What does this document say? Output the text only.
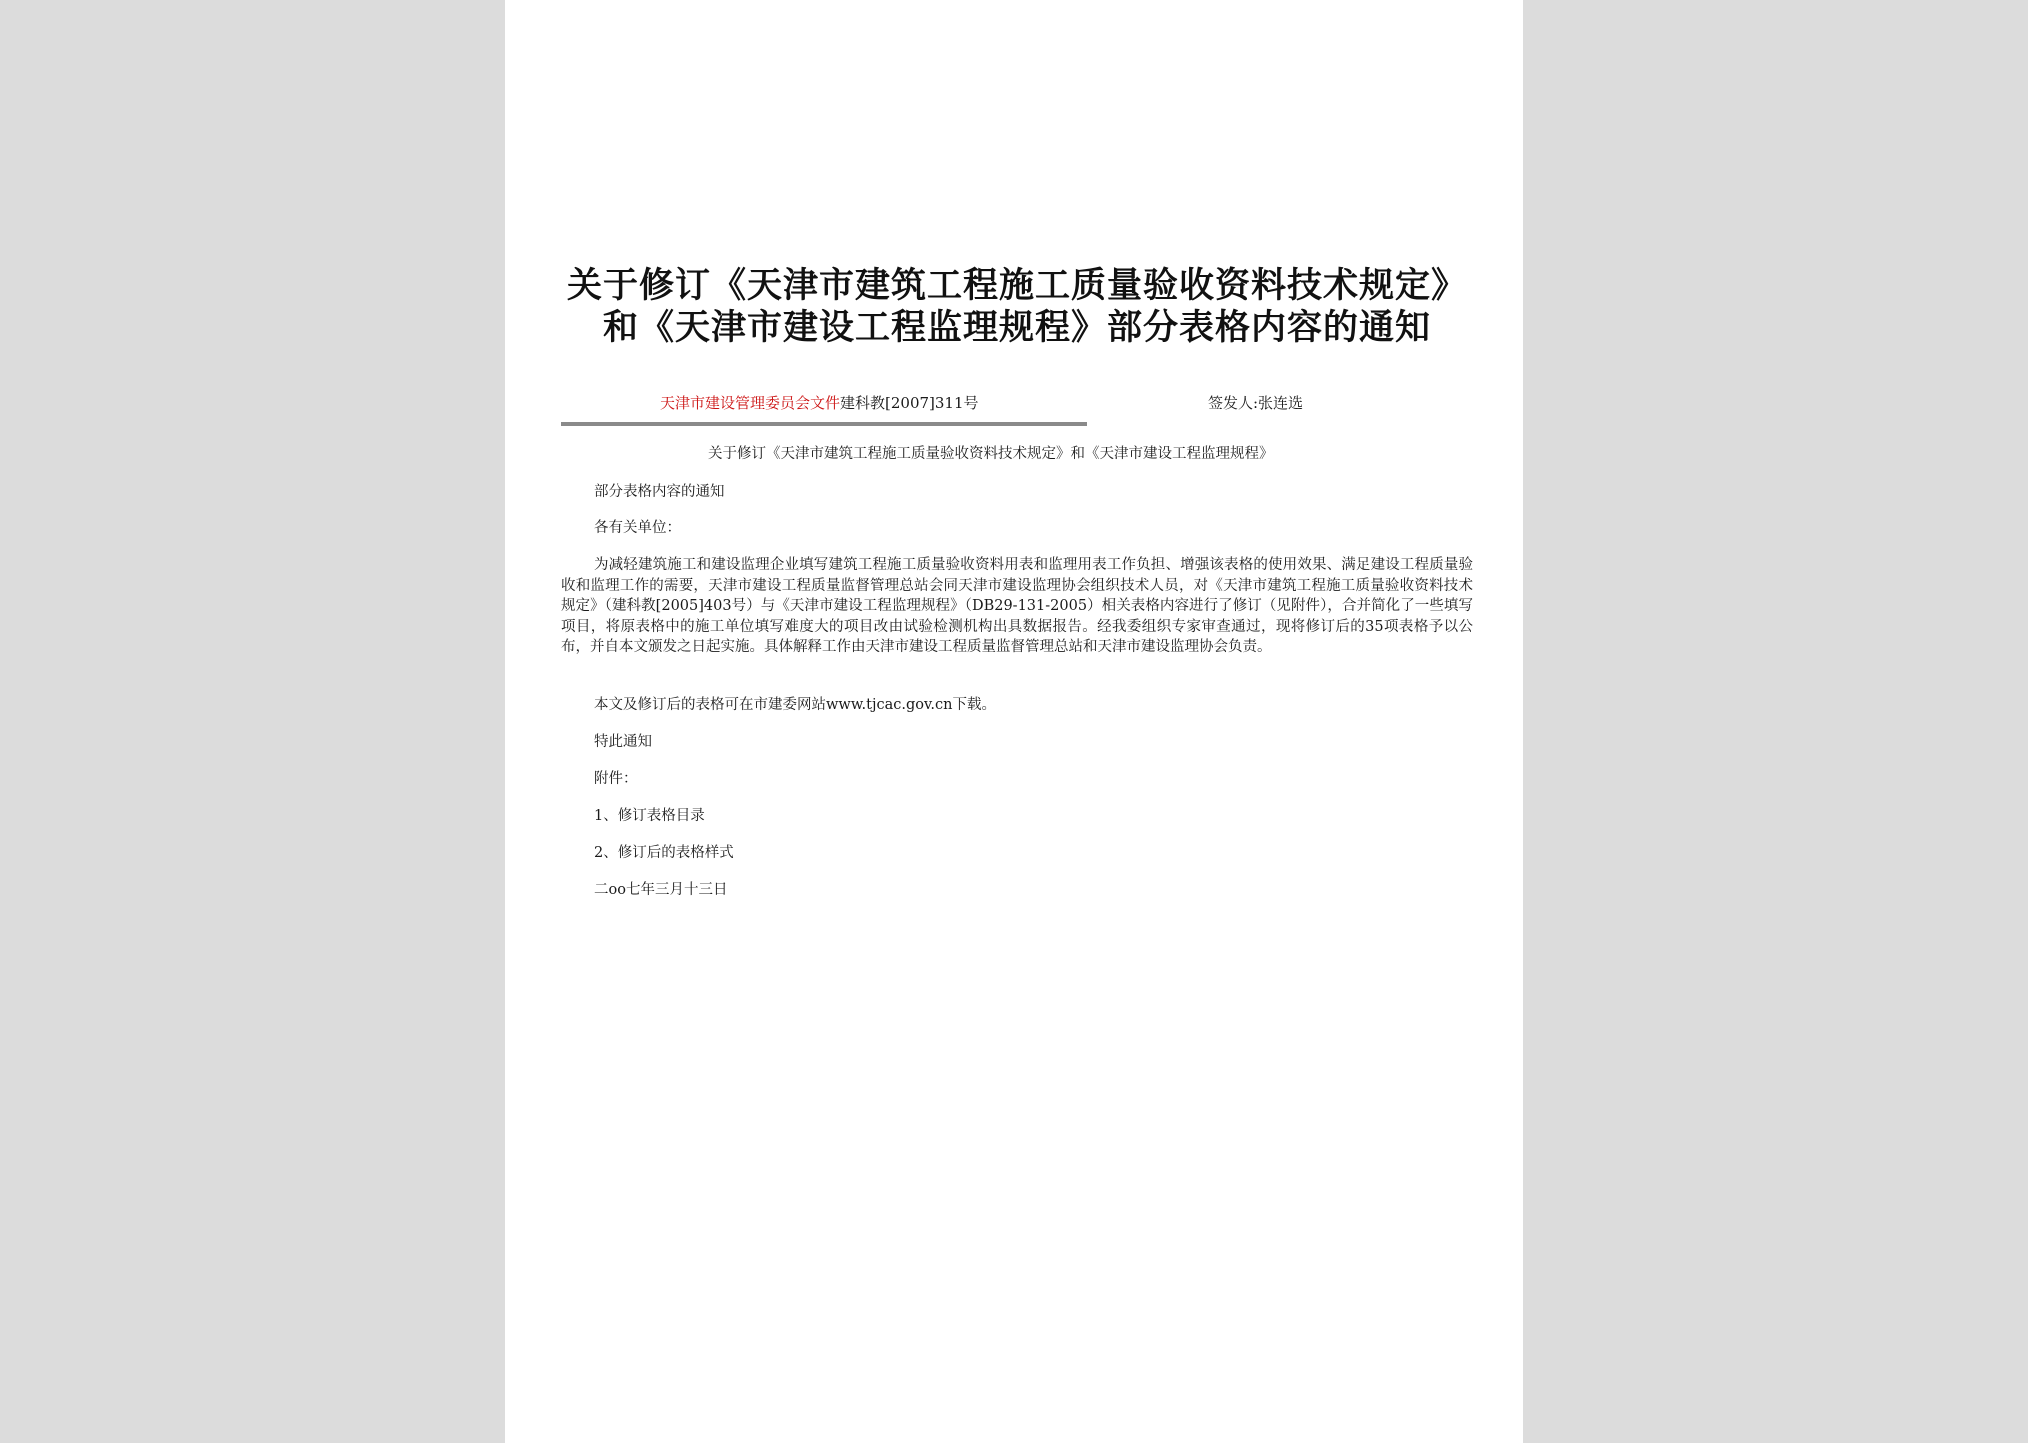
关于修订《天津市建筑工程施工质量验收资料技术规定》和《天津市建设工程监理规程》部分表格内容的通知
天津市建设管理委员会文件建科教[2007]311号	签发人:张连选

关于修订《天津市建筑工程施工质量验收资料技术规定》和《天津市建设工程监理规程》

部分表格内容的通知

各有关单位：

为减轻建筑施工和建设监理企业填写建筑工程施工质量验收资料用表和监理用表工作负担、增强该表格的使用效果、满足建设工程质量验收和监理工作的需要，天津市建设工程质量监督管理总站会同天津市建设监理协会组织技术人员，对《天津市建筑工程施工质量验收资料技术规定》（建科教[2005]403号）与《天津市建设工程监理规程》（DB29-131-2005）相关表格内容进行了修订（见附件），合并简化了一些填写项目，将原表格中的施工单位填写难度大的项目改由试验检测机构出具数据报告。经我委组织专家审查通过，现将修订后的35项表格予以公布，并自本文颁发之日起实施。具体解释工作由天津市建设工程质量监督管理总站和天津市建设监理协会负责。

本文及修订后的表格可在市建委网站www.tjcac.gov.cn下载。

特此通知

附件：

1、修订表格目录

2、修订后的表格样式

二oo七年三月十三日
